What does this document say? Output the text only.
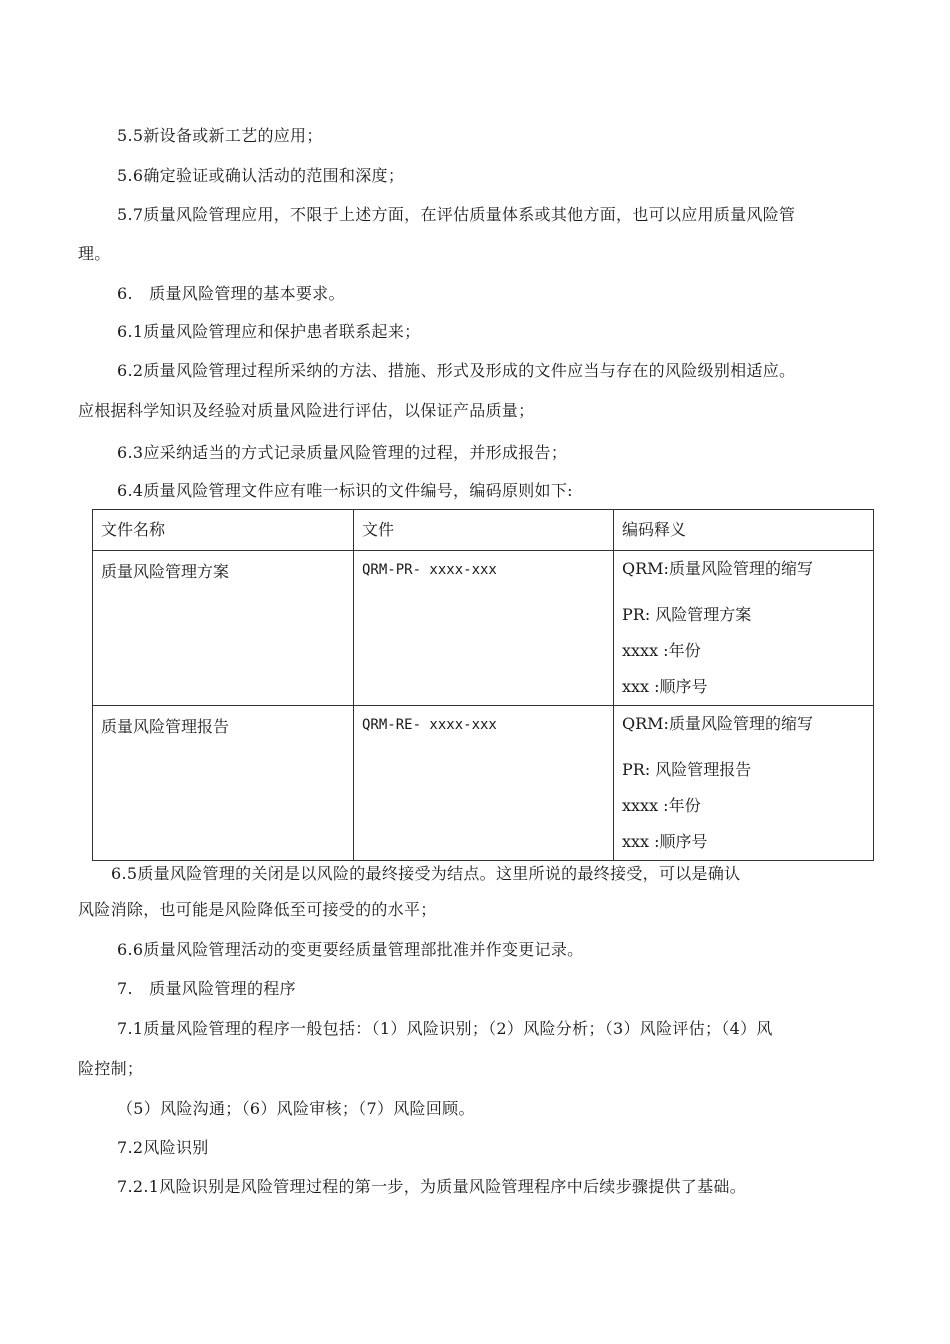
5.5新设备或新工艺的应用；
5.6确定验证或确认活动的范围和深度；
5.7质量风险管理应用，不限于上述方面，在评估质量体系或其他方面，也可以应用质量风险管
理。
6.　质量风险管理的基本要求。
6.1质量风险管理应和保护患者联系起来；
6.2质量风险管理过程所采纳的方法、措施、形式及形成的文件应当与存在的风险级别相适应。
应根据科学知识及经验对质量风险进行评估，以保证产品质量；
6.3应采纳适当的方式记录质量风险管理的过程，并形成报告；
6.4质量风险管理文件应有唯一标识的文件编号，编码原则如下:
文件名称	文件	编码释义
质量风险管理方案	QRM-PR- xxxx-xxx	QRM:质量风险管理的缩写
PR: 风险管理方案
xxxx :年份
xxx :顺序号

质量风险管理报告	QRM-RE- xxxx-xxx	QRM:质量风险管理的缩写
PR: 风险管理报告
xxxx :年份
xxx :顺序号
6.5质量风险管理的关闭是以风险的最终接受为结点。这里所说的最终接受，可以是确认
风险消除，也可能是风险降低至可接受的的水平；
6.6质量风险管理活动的变更要经质量管理部批准并作变更记录。
7.　质量风险管理的程序
7.1质量风险管理的程序一般包括：（1）风险识别；（2）风险分析；（3）风险评估；（4）风
险控制；
（5）风险沟通；（6）风险审核；（7）风险回顾。
7.2风险识别
7.2.1风险识别是风险管理过程的第一步，为质量风险管理程序中后续步骤提供了基础。
